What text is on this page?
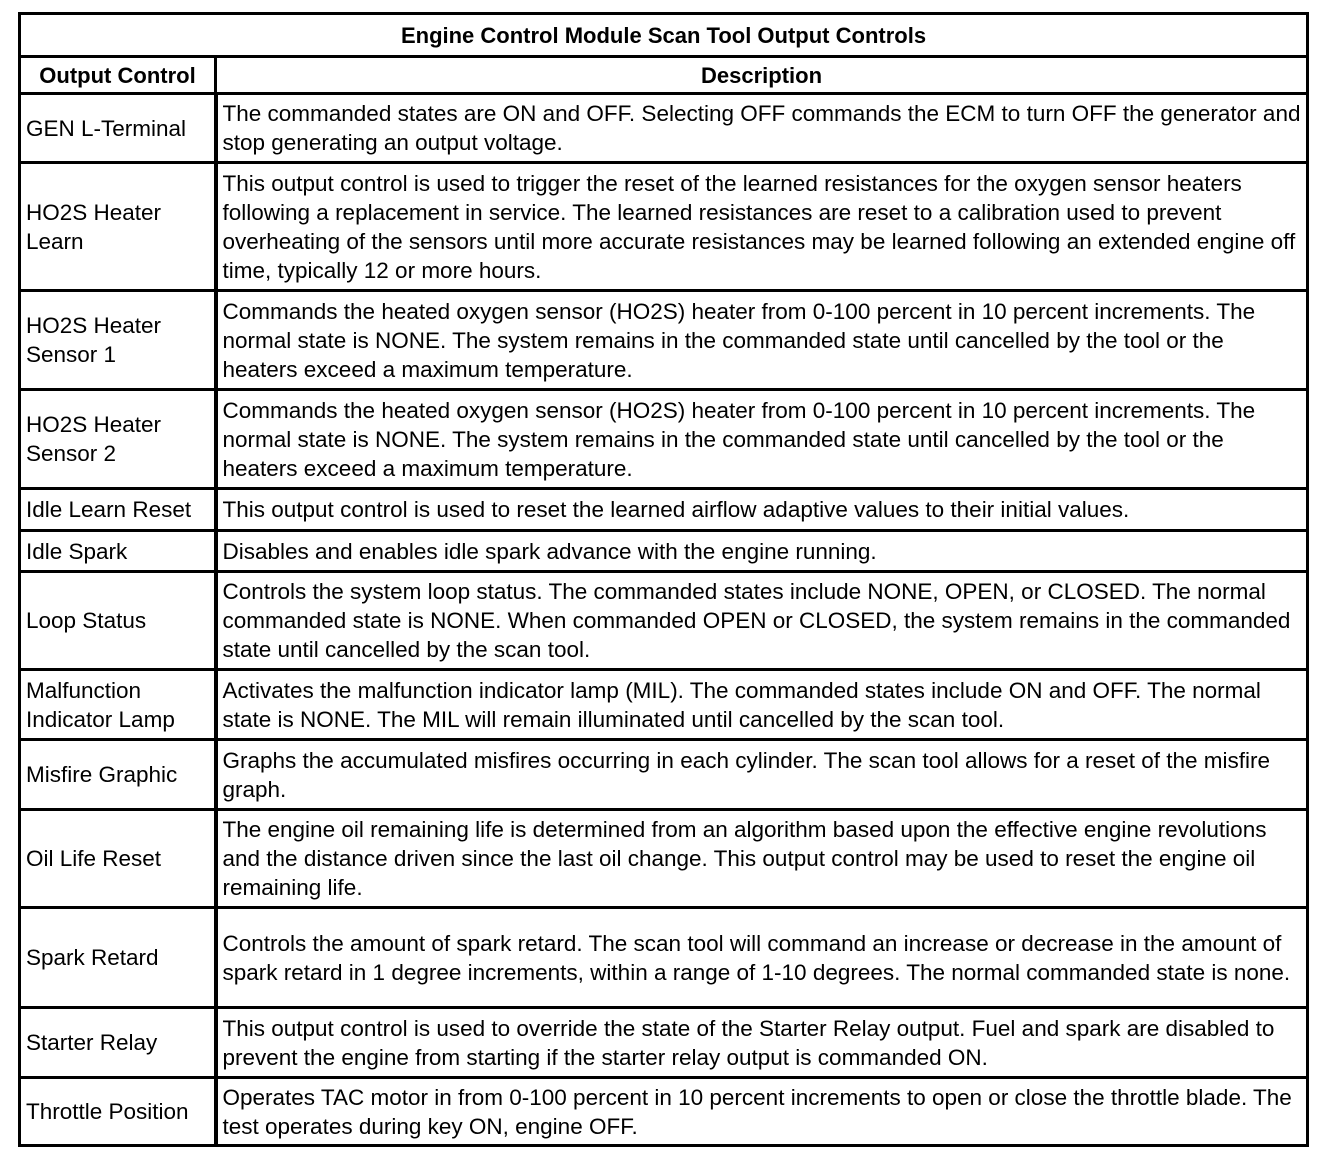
Engine Control Module Scan Tool Output Controls	
Output Control	Description
GEN L-Terminal	The commanded states are ON and OFF. Selecting OFF commands the ECM to turn OFF the generator and stop generating an output voltage.
HO2S Heater Learn	This output control is used to trigger the reset of the learned resistances for the oxygen sensor heaters following a replacement in service. The learned resistances are reset to a calibration used to prevent overheating of the sensors until more accurate resistances may be learned following an extended engine off time, typically 12 or more hours.
HO2S Heater Sensor 1	Commands the heated oxygen sensor (HO2S) heater from 0-100 percent in 10 percent increments. The normal state is NONE. The system remains in the commanded state until cancelled by the tool or the heaters exceed a maximum temperature.
HO2S Heater Sensor 2	Commands the heated oxygen sensor (HO2S) heater from 0-100 percent in 10 percent increments. The normal state is NONE. The system remains in the commanded state until cancelled by the tool or the heaters exceed a maximum temperature.
Idle Learn Reset	This output control is used to reset the learned airflow adaptive values to their initial values.
Idle Spark	Disables and enables idle spark advance with the engine running.
Loop Status	Controls the system loop status. The commanded states include NONE, OPEN, or CLOSED. The normal commanded state is NONE. When commanded OPEN or CLOSED, the system remains in the commanded state until cancelled by the scan tool.
Malfunction Indicator Lamp	Activates the malfunction indicator lamp (MIL). The commanded states include ON and OFF. The normal state is NONE. The MIL will remain illuminated until cancelled by the scan tool.
Misfire Graphic	Graphs the accumulated misfires occurring in each cylinder. The scan tool allows for a reset of the misfire graph.
Oil Life Reset	The engine oil remaining life is determined from an algorithm based upon the effective engine revolutions and the distance driven since the last oil change. This output control may be used to reset the engine oil remaining life.
Spark Retard	Controls the amount of spark retard. The scan tool will command an increase or decrease in the amount of spark retard in 1 degree increments, within a range of 1-10 degrees. The normal commanded state is none.
Starter Relay	This output control is used to override the state of the Starter Relay output. Fuel and spark are disabled to prevent the engine from starting if the starter relay output is commanded ON.
Throttle Position	Operates TAC motor in from 0-100 percent in 10 percent increments to open or close the throttle blade. The test operates during key ON, engine OFF.
